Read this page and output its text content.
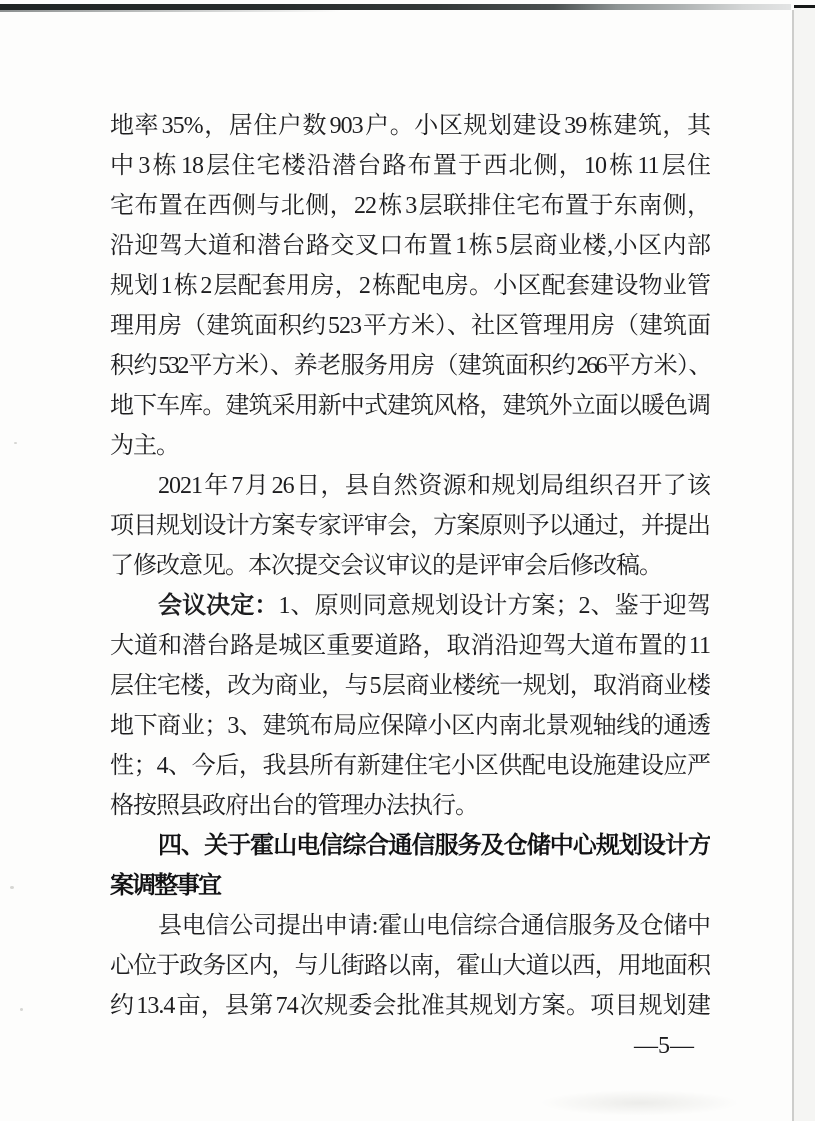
地率 35%，居住户数 903 户。小区规划建设 39 栋建筑，其
中 3 栋 18 层住宅楼沿潜台路布置于西北侧，10 栋 11 层住
宅布置在西侧与北侧，22 栋 3 层联排住宅布置于东南侧，
沿迎驾大道和潜台路交叉口布置 1 栋 5 层商业楼,小区内部
规划 1 栋 2 层配套用房，2 栋配电房。小区配套建设物业管
理用房（建筑面积约 523 平方米）、社区管理用房（建筑面
积约 532 平方米）、养老服务用房（建筑面积约 266 平方米）、
地下车库。建筑采用新中式建筑风格，建筑外立面以暖色调
为主。
2021 年 7 月 26 日，县自然资源和规划局组织召开了该
项目规划设计方案专家评审会，方案原则予以通过，并提出
了修改意见。本次提交会议审议的是评审会后修改稿。
会议决定：1、原则同意规划设计方案；2、鉴于迎驾
大道和潜台路是城区重要道路，取消沿迎驾大道布置的 11
层住宅楼，改为商业，与 5 层商业楼统一规划，取消商业楼
地下商业；3、建筑布局应保障小区内南北景观轴线的通透
性；4、今后，我县所有新建住宅小区供配电设施建设应严
格按照县政府出台的管理办法执行。
四、关于霍山电信综合通信服务及仓储中心规划设计方
案调整事宜
县电信公司提出申请:霍山电信综合通信服务及仓储中
心位于政务区内，与儿街路以南，霍山大道以西，用地面积
约 13.4 亩，县第 74 次规委会批准其规划方案。项目规划建
—5—
